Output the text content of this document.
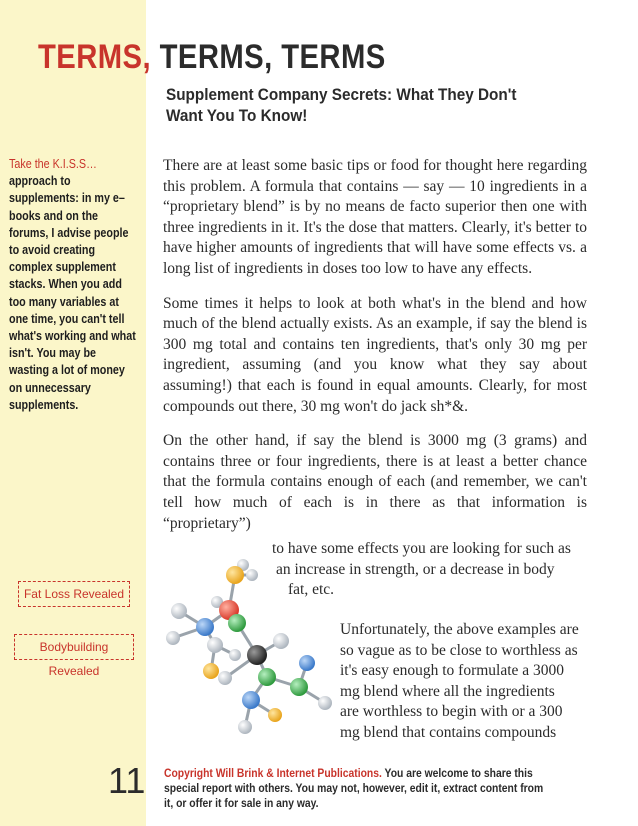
TERMS, TERMS, TERMS
Supplement Company Secrets: What They Don't Want You To Know!
Take the K.I.S.S…
approach to supplements: in my e–books and on the forums, I advise people to avoid creating complex supplement stacks. When you add too many variables at one time, you can't tell what's working and what isn't. You may be wasting a lot of money on unnecessary supplements.
Fat Loss Revealed
Bodybuilding Revealed

There are at least some basic tips or food for thought here regarding this problem. A formula that contains — say — 10 ingredients in a “proprietary blend” is by no means de facto superior then one with three ingredients in it. It's the dose that matters. Clearly, it's better to have higher amounts of ingredients that will have some effects vs. a long list of ingredients in doses too low to have any effects.

Some times it helps to look at both what's in the blend and how much of the blend actually exists. As an example, if say the blend is 300 mg total and contains ten ingredients, that's only 30 mg per ingredient, assuming (and you know what they say about assuming!) that each is found in equal amounts. Clearly, for most compounds out there, 30 mg won't do jack sh*&.

On the other hand, if say the blend is 3000 mg (3 grams) and contains three or four ingredients, there is at least a better chance that the formula contains enough of each (and remember, we can't tell how much of each is in there as that information is “proprietary”)

to have some effects you are looking for such as
an increase in strength, or a decrease in body
fat, etc.
Unfortunately, the above examples are
so vague as to be close to worthless as
it's easy enough to formulate a 3000
mg blend where all the ingredients
are worthless to begin with or a 300
mg blend that contains compounds
11 Copyright Will Brink & Internet Publications. You are welcome to share this special report with others. You may not, however, edit it, extract content from it, or offer it for sale in any way.
